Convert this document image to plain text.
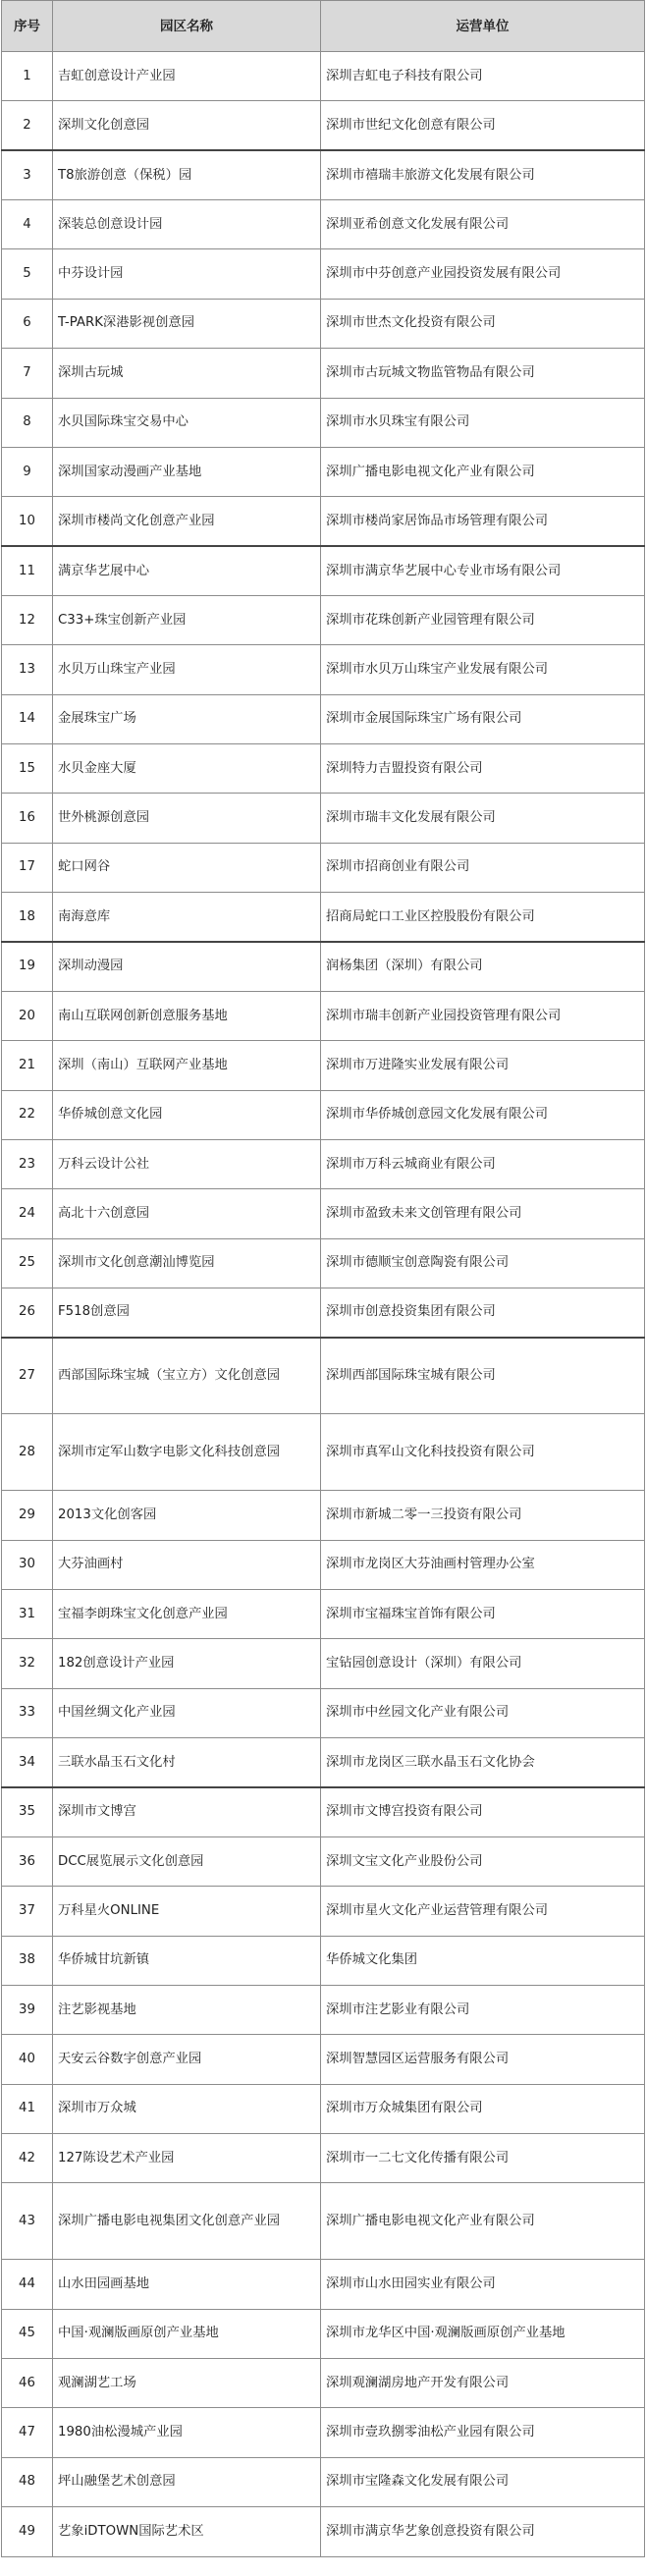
序号	园区名称	运营单位
1	吉虹创意设计产业园	深圳吉虹电子科技有限公司
2	深圳文化创意园	深圳市世纪文化创意有限公司
3	T8旅游创意（保税）园	深圳市禧瑞丰旅游文化发展有限公司
4	深装总创意设计园	深圳亚希创意文化发展有限公司
5	中芬设计园	深圳市中芬创意产业园投资发展有限公司
6	T-PARK深港影视创意园	深圳市世杰文化投资有限公司
7	深圳古玩城	深圳市古玩城文物监管物品有限公司
8	水贝国际珠宝交易中心	深圳市水贝珠宝有限公司
9	深圳国家动漫画产业基地	深圳广播电影电视文化产业有限公司
10	深圳市楼尚文化创意产业园	深圳市楼尚家居饰品市场管理有限公司
11	满京华艺展中心	深圳市满京华艺展中心专业市场有限公司
12	C33+珠宝创新产业园	深圳市花珠创新产业园管理有限公司
13	水贝万山珠宝产业园	深圳市水贝万山珠宝产业发展有限公司
14	金展珠宝广场	深圳市金展国际珠宝广场有限公司
15	水贝金座大厦	深圳特力吉盟投资有限公司
16	世外桃源创意园	深圳市瑞丰文化发展有限公司
17	蛇口网谷	深圳市招商创业有限公司
18	南海意库	招商局蛇口工业区控股股份有限公司
19	深圳动漫园	润杨集团（深圳）有限公司
20	南山互联网创新创意服务基地	深圳市瑞丰创新产业园投资管理有限公司
21	深圳（南山）互联网产业基地	深圳市万进隆实业发展有限公司
22	华侨城创意文化园	深圳市华侨城创意园文化发展有限公司
23	万科云设计公社	深圳市万科云城商业有限公司
24	高北十六创意园	深圳市盈致未来文创管理有限公司
25	深圳市文化创意潮汕博览园	深圳市德顺宝创意陶瓷有限公司
26	F518创意园	深圳市创意投资集团有限公司
27	西部国际珠宝城（宝立方）文化创意园	深圳西部国际珠宝城有限公司
28	深圳市定军山数字电影文化科技创意园	深圳市真军山文化科技投资有限公司
29	2013文化创客园	深圳市新城二零一三投资有限公司
30	大芬油画村	深圳市龙岗区大芬油画村管理办公室
31	宝福李朗珠宝文化创意产业园	深圳市宝福珠宝首饰有限公司
32	182创意设计产业园	宝钻园创意设计（深圳）有限公司
33	中国丝绸文化产业园	深圳市中丝园文化产业有限公司
34	三联水晶玉石文化村	深圳市龙岗区三联水晶玉石文化协会
35	深圳市文博宫	深圳市文博宫投资有限公司
36	DCC展览展示文化创意园	深圳文宝文化产业股份公司
37	万科星火ONLINE	深圳市星火文化产业运营管理有限公司
38	华侨城甘坑新镇	华侨城文化集团
39	注艺影视基地	深圳市注艺影业有限公司
40	天安云谷数字创意产业园	深圳智慧园区运营服务有限公司
41	深圳市万众城	深圳市万众城集团有限公司
42	127陈设艺术产业园	深圳市一二七文化传播有限公司
43	深圳广播电影电视集团文化创意产业园	深圳广播电影电视文化产业有限公司
44	山水田园画基地	深圳市山水田园实业有限公司
45	中国·观澜版画原创产业基地	深圳市龙华区中国·观澜版画原创产业基地
46	观澜湖艺工场	深圳观澜湖房地产开发有限公司
47	1980油松漫城产业园	深圳市壹玖捌零油松产业园有限公司
48	坪山融堡艺术创意园	深圳市宝隆森文化发展有限公司
49	艺象iDTOWN国际艺术区	深圳市满京华艺象创意投资有限公司
